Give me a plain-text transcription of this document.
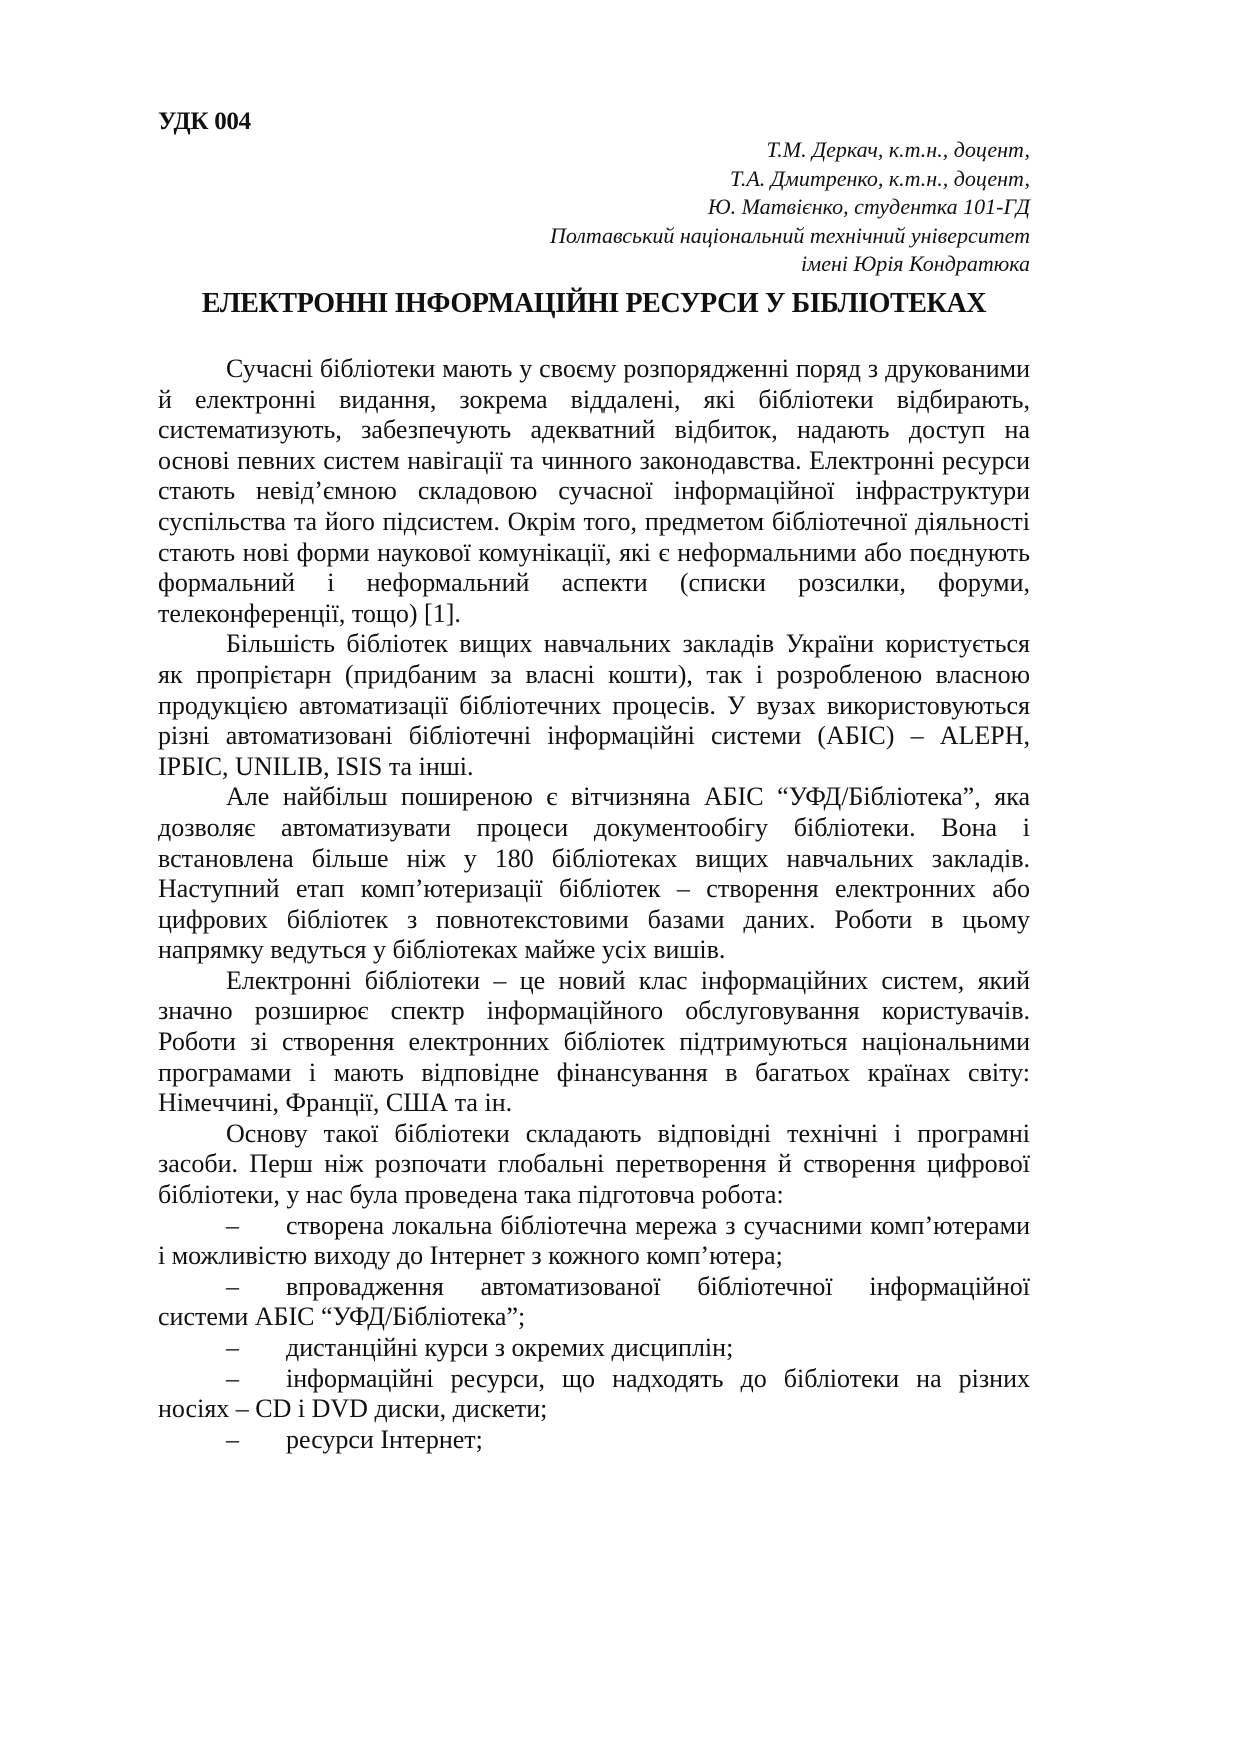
УДК 004
Т.М. Деркач, к.т.н., доцент,
Т.А. Дмитренко, к.т.н., доцент,
Ю. Матвієнко, студентка 101-ГД
Полтавський національний технічний університет
імені Юрія Кондратюка
ЕЛЕКТРОННІ ІНФОРМАЦІЙНІ РЕСУРСИ У БІБЛІОТЕКАХ

Сучасні бібліотеки мають у своєму розпорядженні поряд з друкованими й електронні видання, зокрема віддалені, які бібліотеки відбирають, систематизують, забезпечують адекватний відбиток, надають доступ на основі певних систем навігації та чинного законодавства. Електронні ресурси стають невід’ємною складовою сучасної інформаційної інфраструктури суспільства та його підсистем. Окрім того, предметом бібліотечної діяльності стають нові форми наукової комунікації, які є неформальними або поєднують формальний і неформальний аспекти (списки розсилки, форуми, телеконференції, тощо) [1].

Більшість бібліотек вищих навчальних закладів України користується як пропрієтарн (придбаним за власні кошти), так і розробленою власною продукцією автоматизації бібліотечних процесів. У вузах використовуються різні автоматизовані бібліотечні інформаційні системи (АБІС) – ALEPH, ІРБІС, UNILIB, ISIS та інші.

Але найбільш поширеною є вітчизняна АБІС “УФД/Бібліотека”, яка дозволяє автоматизувати процеси документообігу бібліотеки. Вона і встановлена більше ніж у 180 бібліотеках вищих навчальних закладів. Наступний етап комп’ютеризації бібліотек – створення електронних або цифрових бібліотек з повнотекстовими базами даних. Роботи в цьому напрямку ведуться у бібліотеках майже усіх вишів.

Електронні бібліотеки – це новий клас інформаційних систем, який значно розширює спектр інформаційного обслуговування користувачів. Роботи зі створення електронних бібліотек підтримуються національними програмами і мають відповідне фінансування в багатьох країнах світу: Німеччині, Франції, США та ін.

Основу такої бібліотеки складають відповідні технічні і програмні засоби. Перш ніж розпочати глобальні перетворення й створення цифрової бібліотеки, у нас була проведена така підготовча робота:

– створена локальна бібліотечна мережа з сучасними комп’ютерами і можливістю виходу до Інтернет з кожного комп’ютера;

– впровадження автоматизованої бібліотечної інформаційної системи АБІС “УФД/Бібліотека”;

– дистанційні курси з окремих дисциплін;

– інформаційні ресурси, що надходять до бібліотеки на різних носіях – CD і DVD диски, дискети;

– ресурси Інтернет;
